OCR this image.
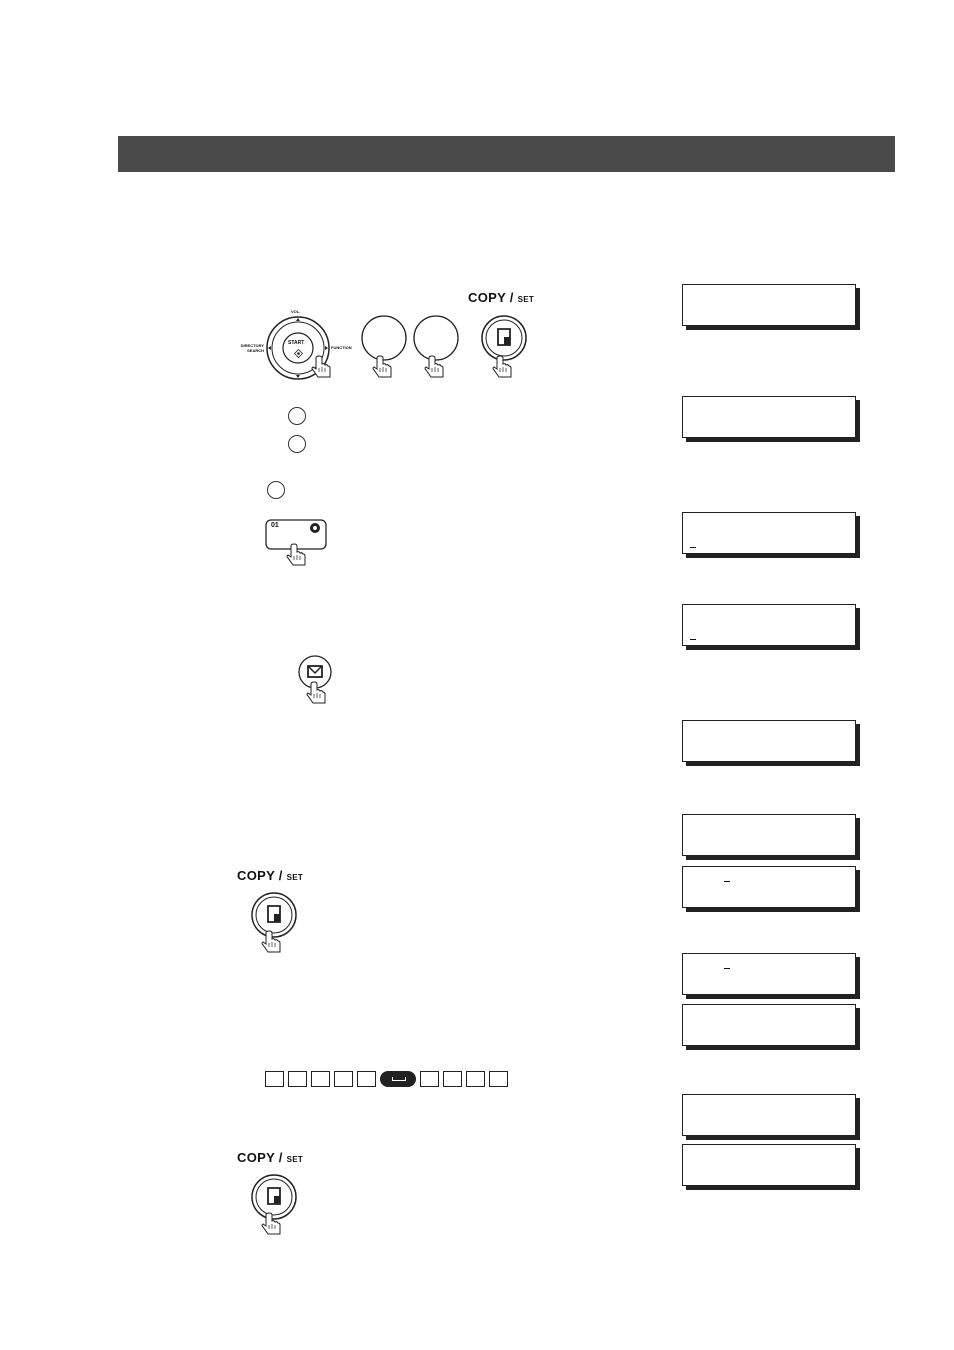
START
VOL.
DIRECTORY SEARCH
FUNCTION
COPY / SET
01
COPY / SET
COPY / SET
